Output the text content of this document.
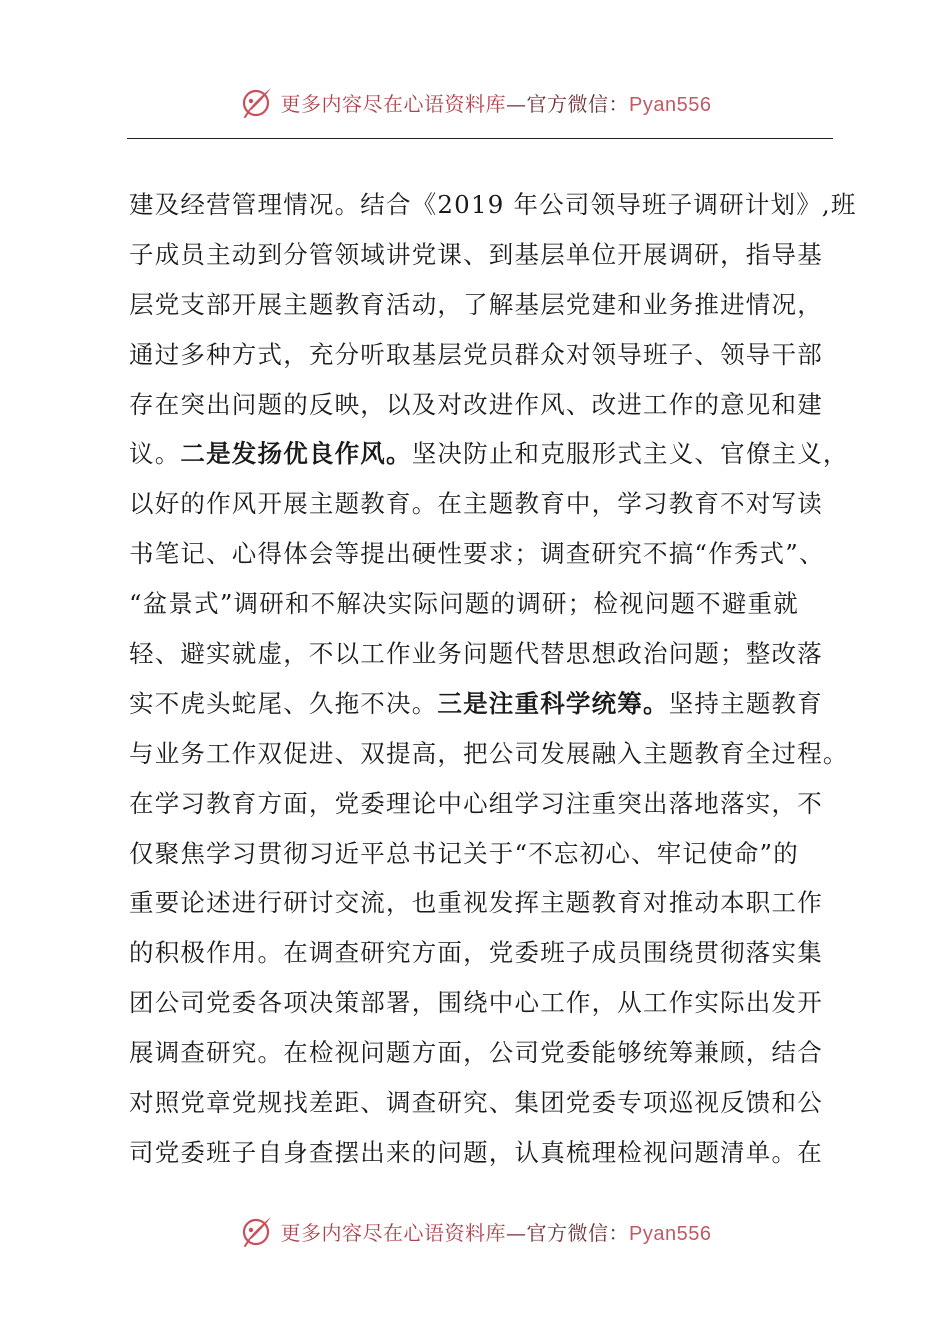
更多内容尽在心语资料库—官方微信：Pyan556
建及经营管理情况。结合《2019 年公司领导班子调研计划》,班
子成员主动到分管领域讲党课、到基层单位开展调研，指导基
层党支部开展主题教育活动，了解基层党建和业务推进情况，
通过多种方式，充分听取基层党员群众对领导班子、领导干部
存在突出问题的反映，以及对改进作风、改进工作的意见和建
议。二是发扬优良作风。坚决防止和克服形式主义、官僚主义，
以好的作风开展主题教育。在主题教育中，学习教育不对写读
书笔记、心得体会等提出硬性要求；调查研究不搞“作秀式”、
“盆景式”调研和不解决实际问题的调研；检视问题不避重就
轻、避实就虚，不以工作业务问题代替思想政治问题；整改落
实不虎头蛇尾、久拖不决。三是注重科学统筹。坚持主题教育
与业务工作双促进、双提高，把公司发展融入主题教育全过程。
在学习教育方面，党委理论中心组学习注重突出落地落实，不
仅聚焦学习贯彻习近平总书记关于“不忘初心、牢记使命”的
重要论述进行研讨交流，也重视发挥主题教育对推动本职工作
的积极作用。在调查研究方面，党委班子成员围绕贯彻落实集
团公司党委各项决策部署，围绕中心工作，从工作实际出发开
展调查研究。在检视问题方面，公司党委能够统筹兼顾，结合
对照党章党规找差距、调查研究、集团党委专项巡视反馈和公
司党委班子自身查摆出来的问题，认真梳理检视问题清单。在
更多内容尽在心语资料库—官方微信：Pyan556
